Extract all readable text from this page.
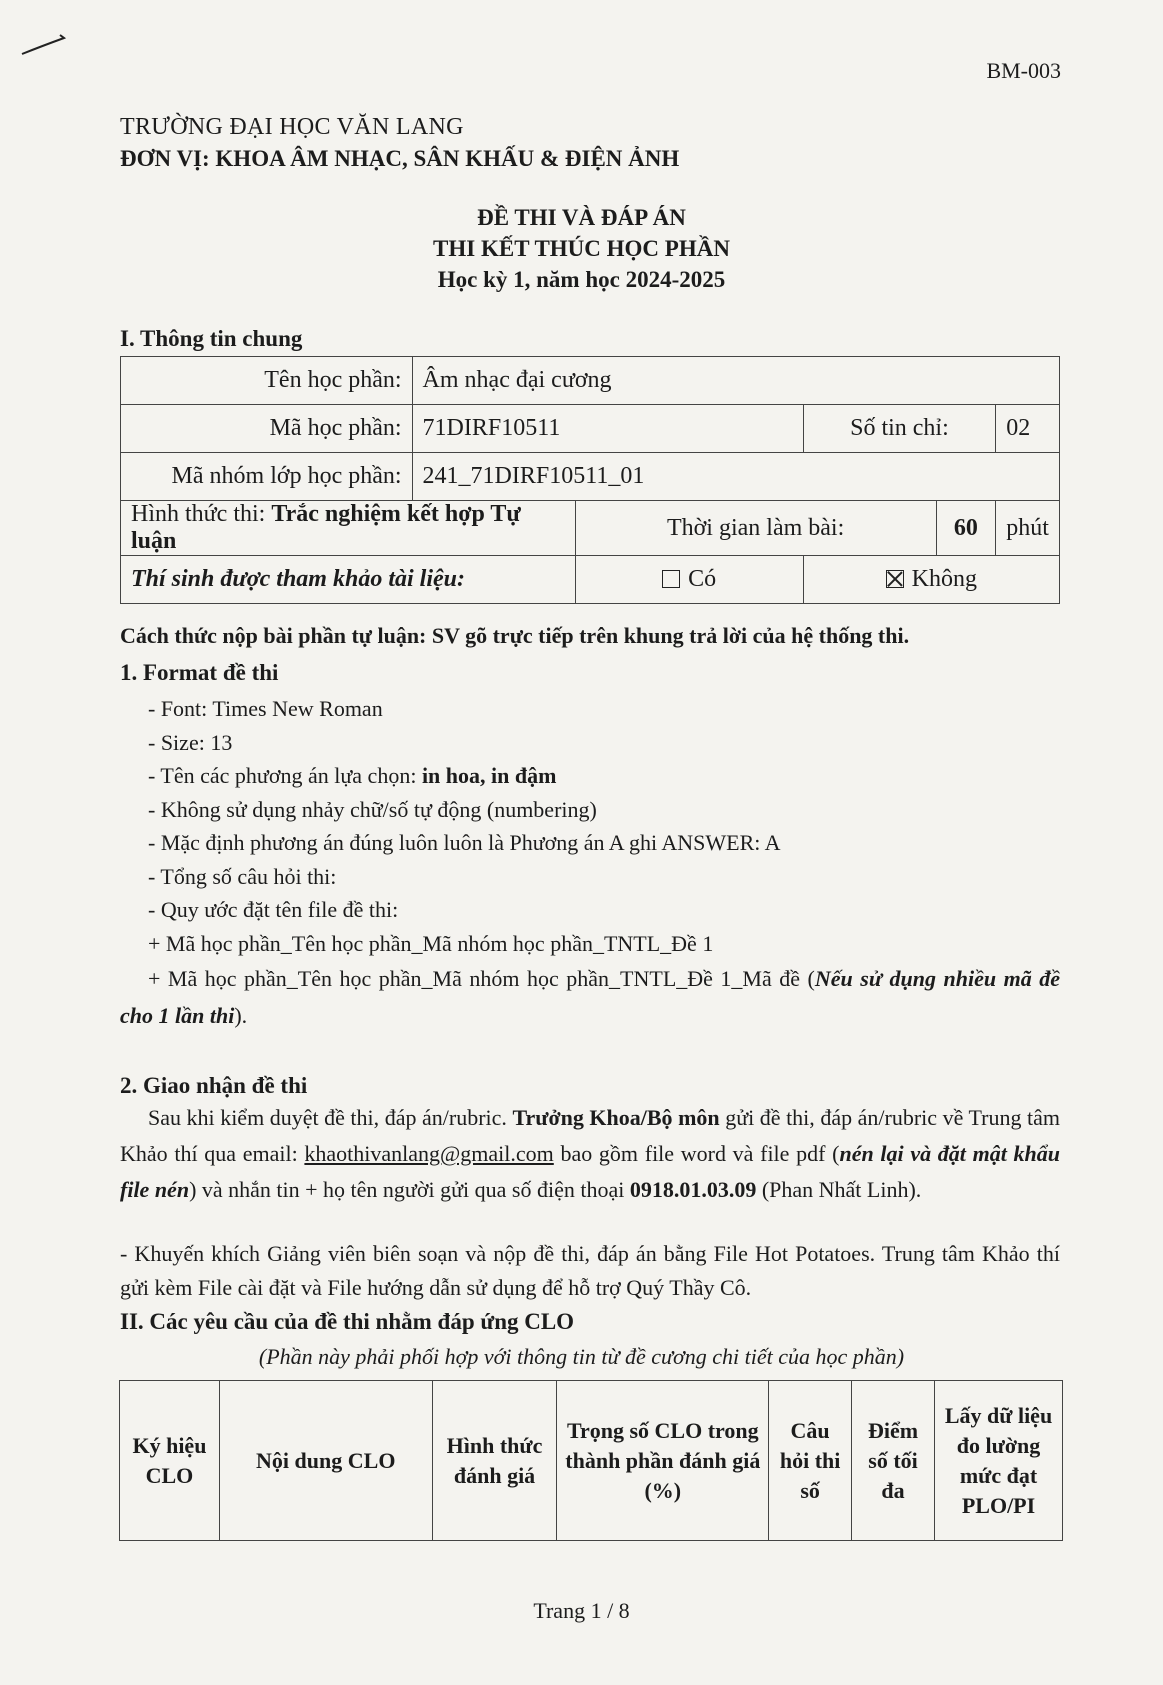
BM-003
TRƯỜNG ĐẠI HỌC VĂN LANG
ĐƠN VỊ: KHOA ÂM NHẠC, SÂN KHẤU & ĐIỆN ẢNH
ĐỀ THI VÀ ĐÁP ÁN
THI KẾT THÚC HỌC PHẦN
Học kỳ 1, năm học 2024-2025
I. Thông tin chung
Tên học phần:	Âm nhạc đại cương				
Mã học phần:	71DIRF10511		Số tin chỉ:		02
Mã nhóm lớp học phần:	241_71DIRF10511_01				
Hình thức thi: Trắc nghiệm kết hợp Tự luận		Thời gian làm bài:		60	phút
Thí sinh được tham khảo tài liệu:		Có	Không		
Cách thức nộp bài phần tự luận: SV gõ trực tiếp trên khung trả lời của hệ thống thi.
1. Format đề thi
- Font: Times New Roman
- Size: 13
- Tên các phương án lựa chọn: in hoa, in đậm
- Không sử dụng nhảy chữ/số tự động (numbering)
- Mặc định phương án đúng luôn luôn là Phương án A ghi ANSWER: A
- Tổng số câu hỏi thi:
- Quy ước đặt tên file đề thi:
+ Mã học phần_Tên học phần_Mã nhóm học phần_TNTL_Đề 1
+ Mã học phần_Tên học phần_Mã nhóm học phần_TNTL_Đề 1_Mã đề (Nếu sử dụng nhiều mã đề cho 1 lần thi).
2. Giao nhận đề thi
Sau khi kiểm duyệt đề thi, đáp án/rubric. Trưởng Khoa/Bộ môn gửi đề thi, đáp án/rubric về Trung tâm Khảo thí qua email: khaothivanlang@gmail.com bao gồm file word và file pdf (nén lại và đặt mật khẩu file nén) và nhắn tin + họ tên người gửi qua số điện thoại 0918.01.03.09 (Phan Nhất Linh).
- Khuyến khích Giảng viên biên soạn và nộp đề thi, đáp án bằng File Hot Potatoes. Trung tâm Khảo thí gửi kèm File cài đặt và File hướng dẫn sử dụng để hỗ trợ Quý Thầy Cô.
II. Các yêu cầu của đề thi nhằm đáp ứng CLO
(Phần này phải phối hợp với thông tin từ đề cương chi tiết của học phần)
Ký hiệu CLO	Nội dung CLO	Hình thức đánh giá	Trọng số CLO trong thành phần đánh giá (%)	Câu hỏi thi số	Điểm số tối đa	Lấy dữ liệu đo lường mức đạt PLO/PI
Trang 1 / 8
